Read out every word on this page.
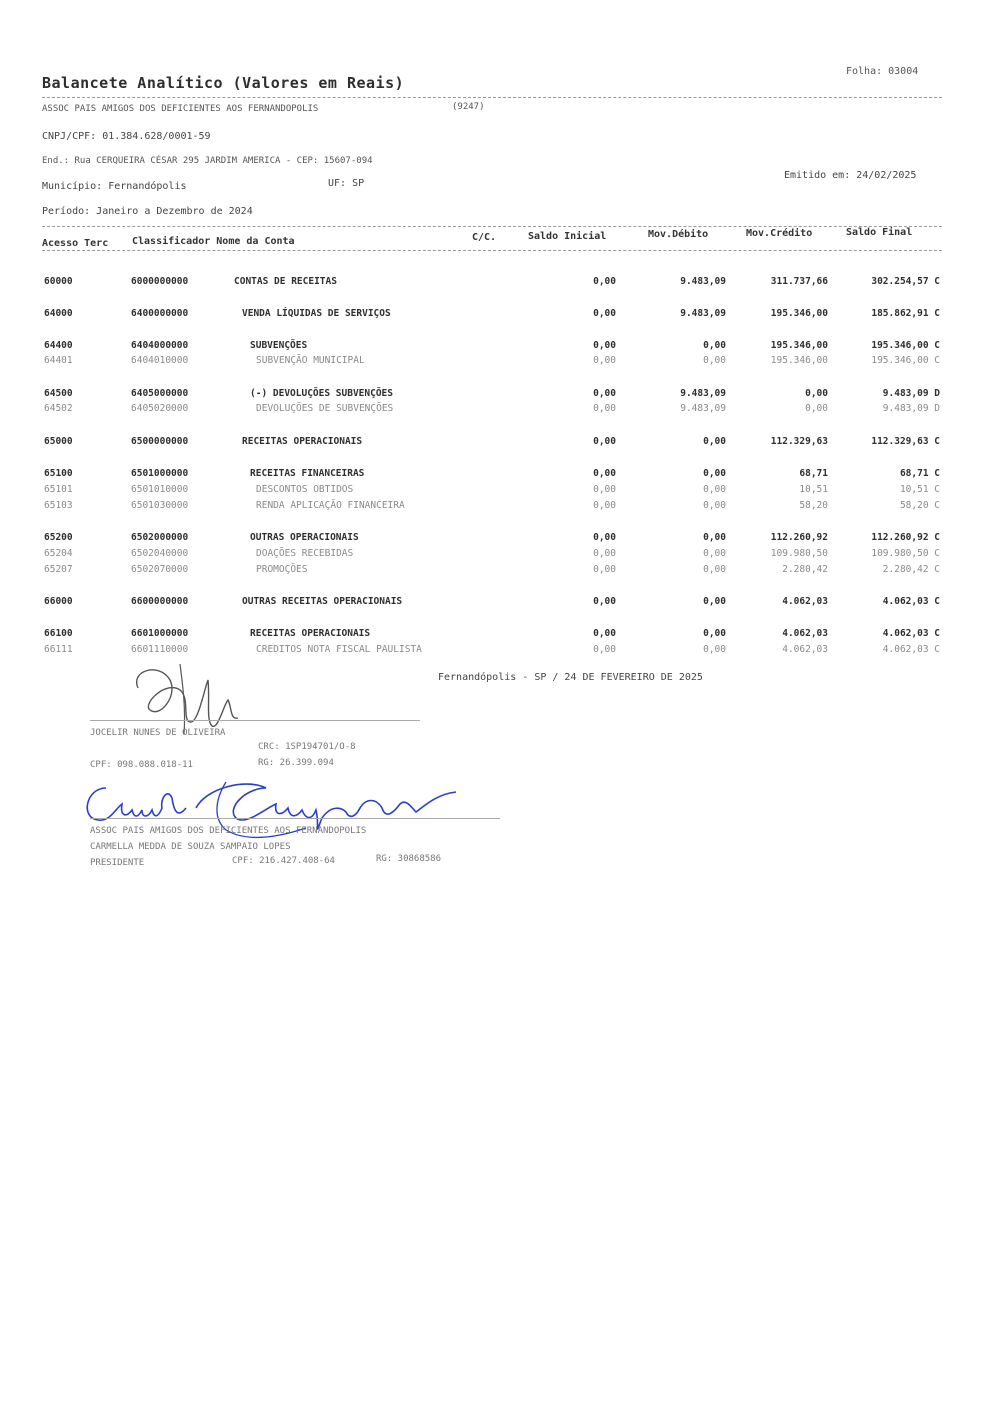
Balancete Analítico (Valores em Reais)
Folha: 03004
ASSOC PAIS AMIGOS DOS DEFICIENTES AOS FERNANDOPOLIS	(9247)
CNPJ/CPF: 01.384.628/0001-59
End.: Rua CERQUEIRA CÉSAR 295 JARDIM AMERICA - CEP: 15607-094
Município: Fernandópolis	UF: SP
Emitido em: 24/02/2025
Período: Janeiro a Dezembro de 2024
Acesso Terc Classificador Nome da Conta	C/C.	Saldo Inicial	Mov.Débito	Mov.Crédito	Saldo Final
60000	6000000000	CONTAS DE RECEITAS	0,00	9.483,09	311.737,66	302.254,57 C
64000	6400000000	VENDA LÍQUIDAS DE SERVIÇOS	0,00	9.483,09	195.346,00	185.862,91 C
64400	6404000000	SUBVENÇÕES	0,00	0,00	195.346,00	195.346,00 C
64401	6404010000	SUBVENÇÃO MUNICIPAL	0,00	0,00	195.346,00	195.346,00 C
64500	6405000000	(-) DEVOLUÇÕES SUBVENÇÕES	0,00	9.483,09	0,00	9.483,09 D
64502	6405020000	DEVOLUÇÕES DE SUBVENÇÕES	0,00	9.483,09	0,00	9.483,09 D
65000	6500000000	RECEITAS OPERACIONAIS	0,00	0,00	112.329,63	112.329,63 C
65100	6501000000	RECEITAS FINANCEIRAS	0,00	0,00	68,71	68,71 C
65101	6501010000	DESCONTOS OBTIDOS	0,00	0,00	10,51	10,51 C
65103	6501030000	RENDA APLICAÇÃO FINANCEIRA	0,00	0,00	58,20	58,20 C
65200	6502000000	OUTRAS OPERACIONAIS	0,00	0,00	112.260,92	112.260,92 C
65204	6502040000	DOAÇÕES RECEBIDAS	0,00	0,00	109.980,50	109.980,50 C
65207	6502070000	PROMOÇÕES	0,00	0,00	2.280,42	2.280,42 C
66000	6600000000	OUTRAS RECEITAS OPERACIONAIS	0,00	0,00	4.062,03	4.062,03 C
66100	6601000000	RECEITAS OPERACIONAIS	0,00	0,00	4.062,03	4.062,03 C
66111	6601110000	CREDITOS NOTA FISCAL PAULISTA	0,00	0,00	4.062,03	4.062,03 C
Fernandópolis - SP / 24 DE FEVEREIRO DE 2025
JOCELIR NUNES DE OLIVEIRA
CRC: 1SP194701/O-8
CPF: 098.088.018-11	RG: 26.399.094
ASSOC PAIS AMIGOS DOS DEFICIENTES AOS FERNANDOPOLIS
CARMELLA MEDDA DE SOUZA SAMPAIO LOPES
PRESIDENTE	CPF: 216.427.408-64	RG: 30868586
